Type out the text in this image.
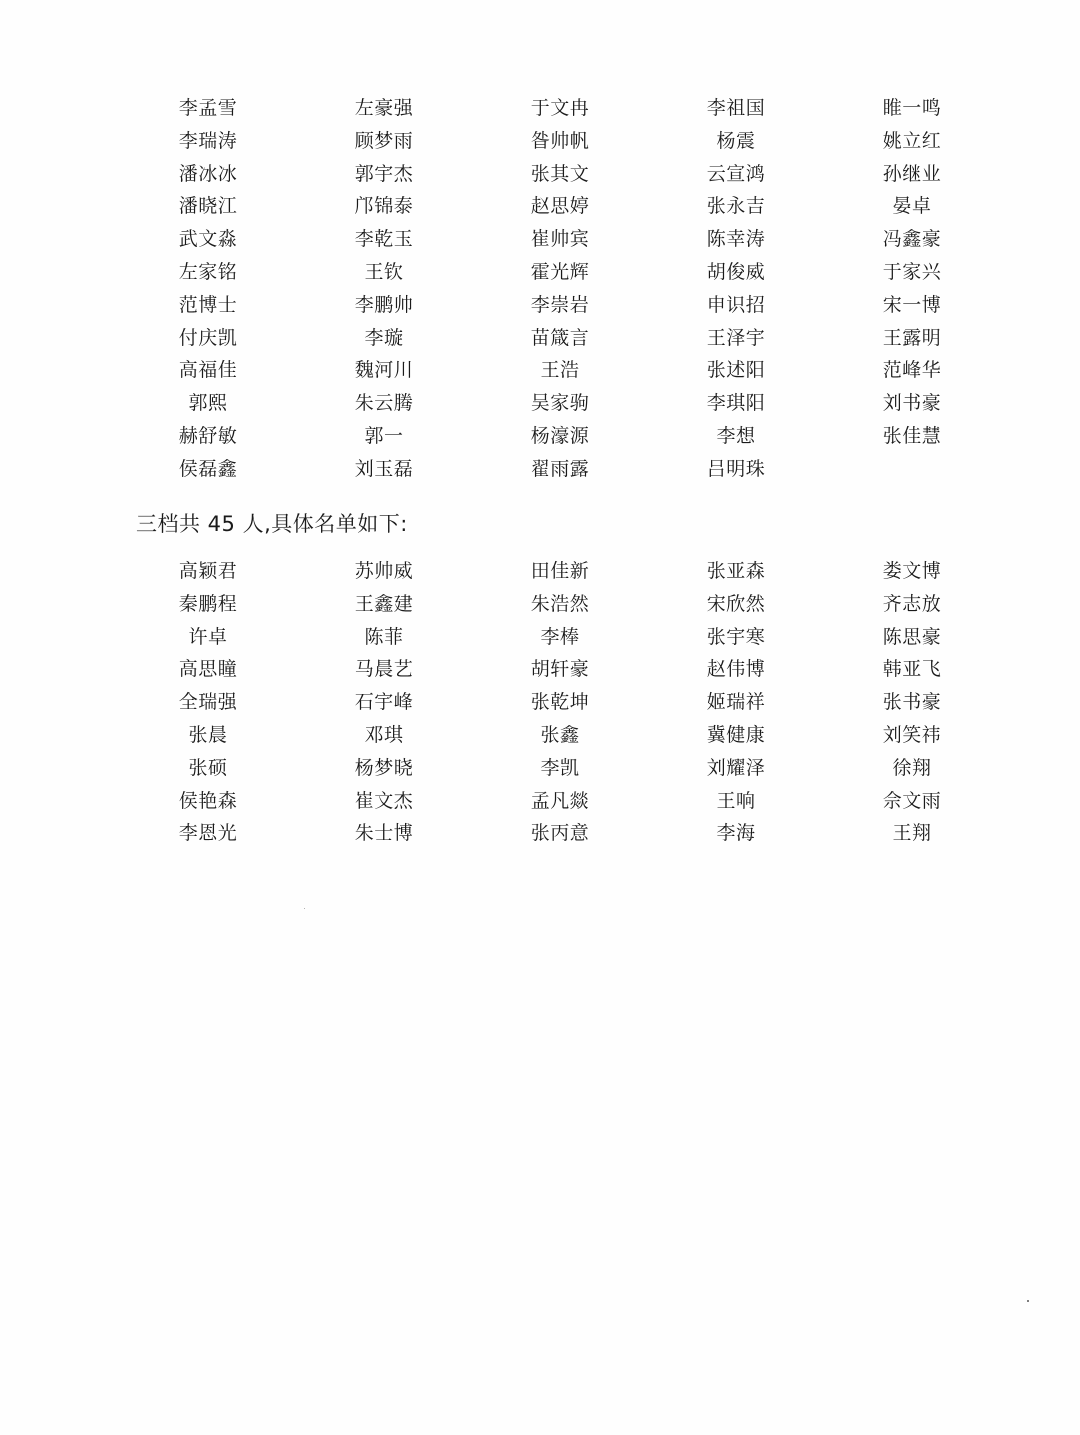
李孟雪	左豪强	于文冉	李祖国	睢一鸣
李瑞涛	顾梦雨	昝帅帆	杨震	姚立红
潘冰冰	郭宇杰	张其文	云宣鸿	孙继业
潘晓江	邝锦泰	赵思婷	张永吉	晏卓
武文淼	李乾玉	崔帅宾	陈幸涛	冯鑫豪
左家铭	王钦	霍光辉	胡俊威	于家兴
范博士	李鹏帅	李崇岩	申识招	宋一博
付庆凯	李璇	苗箴言	王泽宇	王露明
高福佳	魏河川	王浩	张述阳	范峰华
郭熙	朱云腾	吴家驹	李琪阳	刘书豪
赫舒敏	郭一	杨濠源	李想	张佳慧
侯磊鑫	刘玉磊	翟雨露	吕明珠
三档共 45 人,具体名单如下:
高颖君	苏帅威	田佳新	张亚森	娄文博
秦鹏程	王鑫建	朱浩然	宋欣然	齐志放
许卓	陈菲	李棒	张宇寒	陈思豪
高思瞳	马晨艺	胡轩豪	赵伟博	韩亚飞
全瑞强	石宇峰	张乾坤	姬瑞祥	张书豪
张晨	邓琪	张鑫	冀健康	刘笑祎
张硕	杨梦晓	李凯	刘耀泽	徐翔
侯艳森	崔文杰	孟凡燚	王响	佘文雨
李恩光	朱士博	张丙意	李海	王翔
